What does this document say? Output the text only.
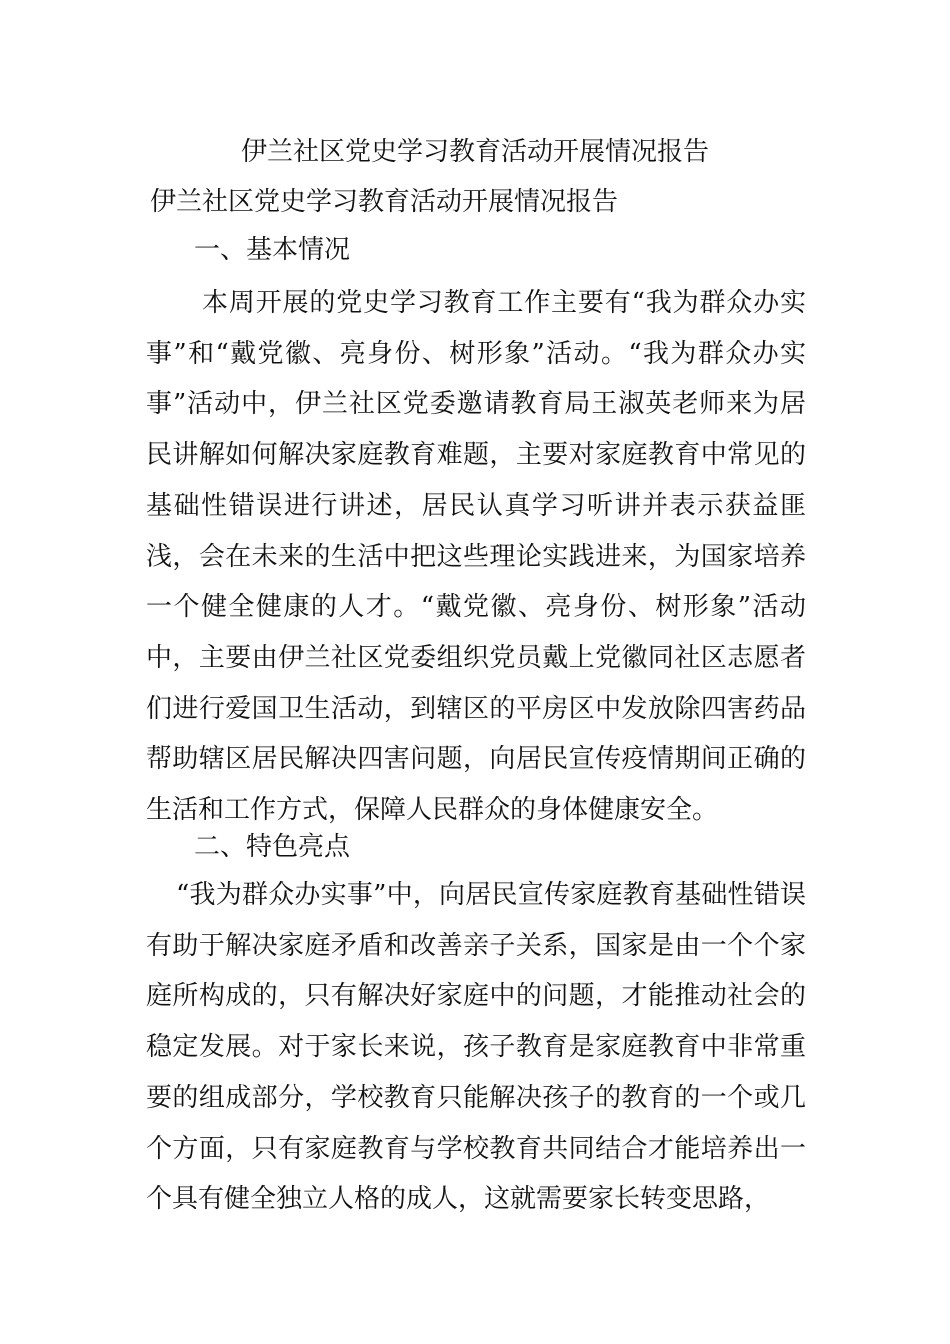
伊兰社区党史学习教育活动开展情况报告
伊兰社区党史学习教育活动开展情况报告
一、基本情况

本周开展的党史学习教育工作主要有“我为群众办实事”和“戴党徽、亮身份、树形象”活动。“我为群众办实事”活动中，伊兰社区党委邀请教育局王淑英老师来为居民讲解如何解决家庭教育难题，主要对家庭教育中常见的基础性错误进行讲述，居民认真学习听讲并表示获益匪浅，会在未来的生活中把这些理论实践进来，为国家培养一个健全健康的人才。“戴党徽、亮身份、树形象”活动中，主要由伊兰社区党委组织党员戴上党徽同社区志愿者们进行爱国卫生活动，到辖区的平房区中发放除四害药品帮助辖区居民解决四害问题，向居民宣传疫情期间正确的生活和工作方式，保障人民群众的身体健康安全。

二、特色亮点

“我为群众办实事”中，向居民宣传家庭教育基础性错误有助于解决家庭矛盾和改善亲子关系，国家是由一个个家庭所构成的，只有解决好家庭中的问题，才能推动社会的稳定发展。对于家长来说，孩子教育是家庭教育中非常重要的组成部分，学校教育只能解决孩子的教育的一个或几个方面，只有家庭教育与学校教育共同结合才能培养出一个具有健全独立人格的成人，这就需要家长转变思路，
